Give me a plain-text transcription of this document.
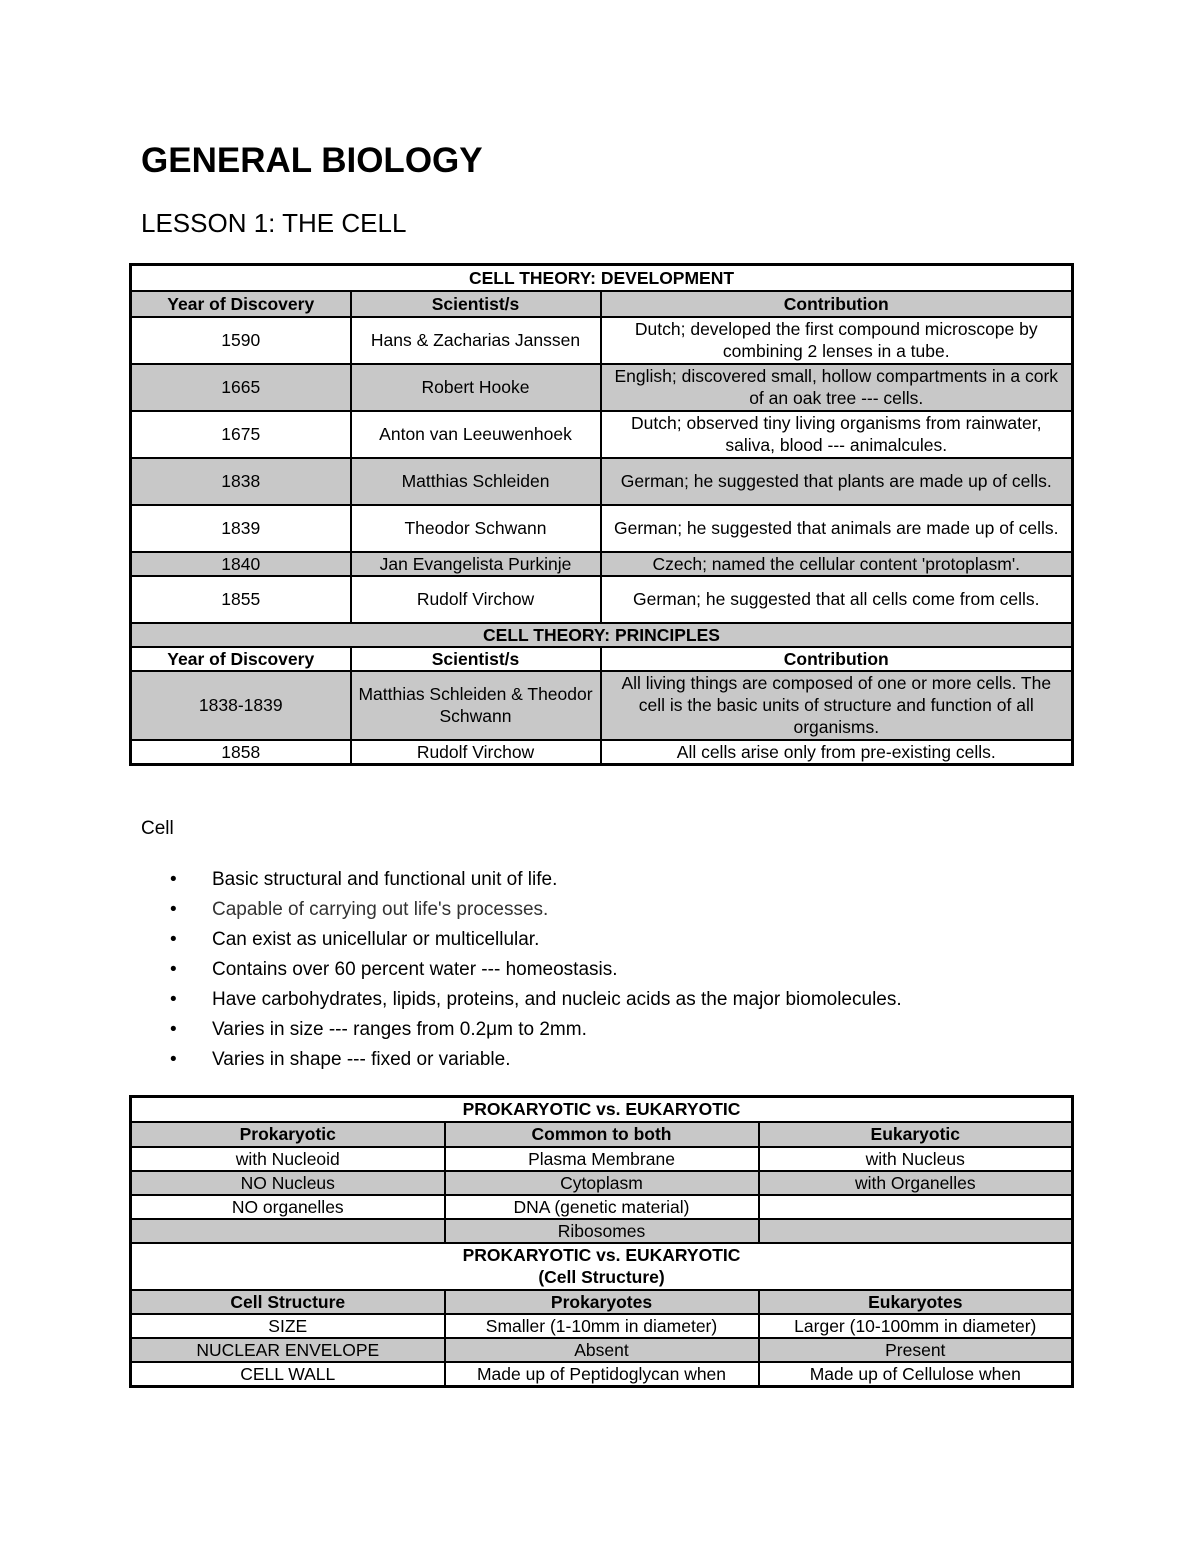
GENERAL BIOLOGY
LESSON 1: THE CELL
CELL THEORY: DEVELOPMENT		
Year of Discovery	Scientist/s	Contribution
1590	Hans & Zacharias Janssen	Dutch; developed the first compound microscope by combining 2 lenses in a tube.
1665	Robert Hooke	English; discovered small, hollow compartments in a cork of an oak tree --- cells.
1675	Anton van Leeuwenhoek	Dutch; observed tiny living organisms from rainwater, saliva, blood --- animalcules.
1838	Matthias Schleiden	German; he suggested that plants are made up of cells.
1839	Theodor Schwann	German; he suggested that animals are made up of cells.
1840	Jan Evangelista Purkinje	Czech; named the cellular content 'protoplasm'.
1855	Rudolf Virchow	German; he suggested that all cells come from cells.
CELL THEORY: PRINCIPLES		
Year of Discovery	Scientist/s	Contribution
1838-1839	Matthias Schleiden & Theodor Schwann	All living things are composed of one or more cells. The cell is the basic units of structure and function of all organisms.
1858	Rudolf Virchow	All cells arise only from pre-existing cells.
Cell
• Basic structural and functional unit of life.
• Capable of carrying out life's processes.
• Can exist as unicellular or multicellular.
• Contains over 60 percent water --- homeostasis.
• Have carbohydrates, lipids, proteins, and nucleic acids as the major biomolecules.
• Varies in size --- ranges from 0.2μm to 2mm.
• Varies in shape --- fixed or variable.
PROKARYOTIC vs. EUKARYOTIC		
Prokaryotic	Common to both	Eukaryotic
with Nucleoid	Plasma Membrane	with Nucleus
NO Nucleus	Cytoplasm	with Organelles
NO organelles	DNA (genetic material)	
	Ribosomes	

PROKARYOTIC vs. EUKARYOTIC
(Cell Structure)		

Cell Structure	Prokaryotes	Eukaryotes
SIZE	Smaller (1-10mm in diameter)	Larger (10-100mm in diameter)
NUCLEAR ENVELOPE	Absent	Present
CELL WALL	Made up of Peptidoglycan when	Made up of Cellulose when
